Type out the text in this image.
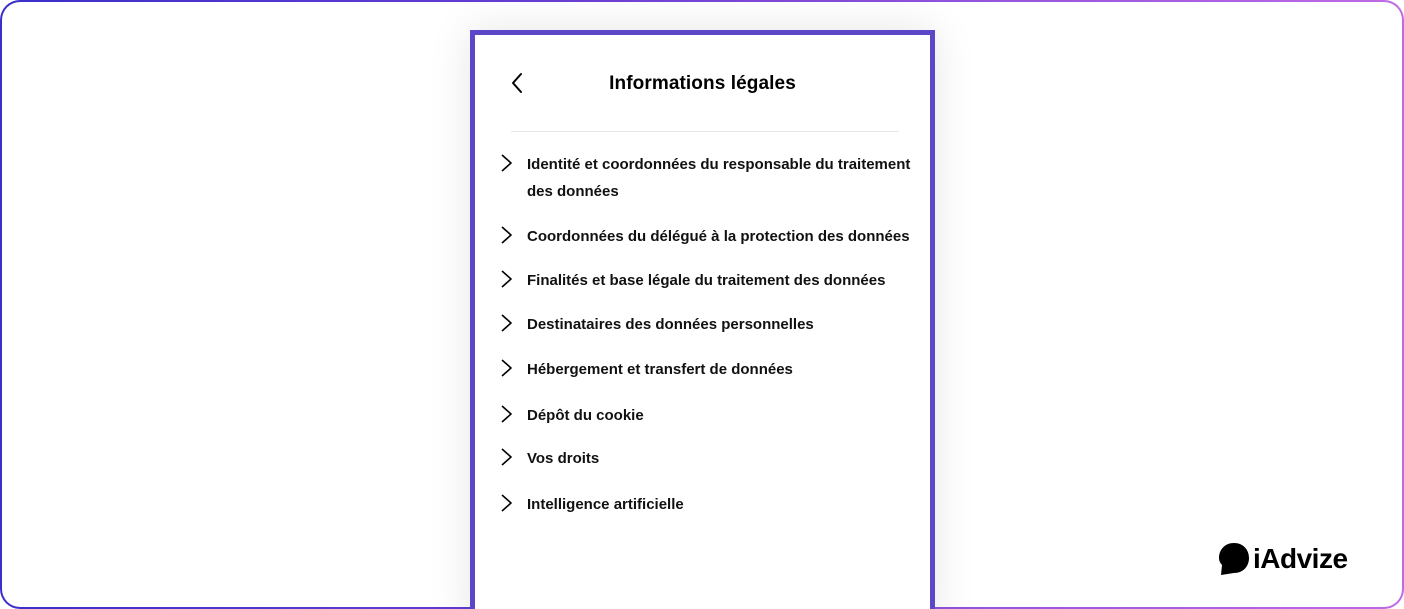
Informations légales
Identité et coordonnées du responsable du traitement des données
Coordonnées du délégué à la protection des données
Finalités et base légale du traitement des données
Destinataires des données personnelles
Hébergement et transfert de données
Dépôt du cookie
Vos droits
Intelligence artificielle
iAdvize
